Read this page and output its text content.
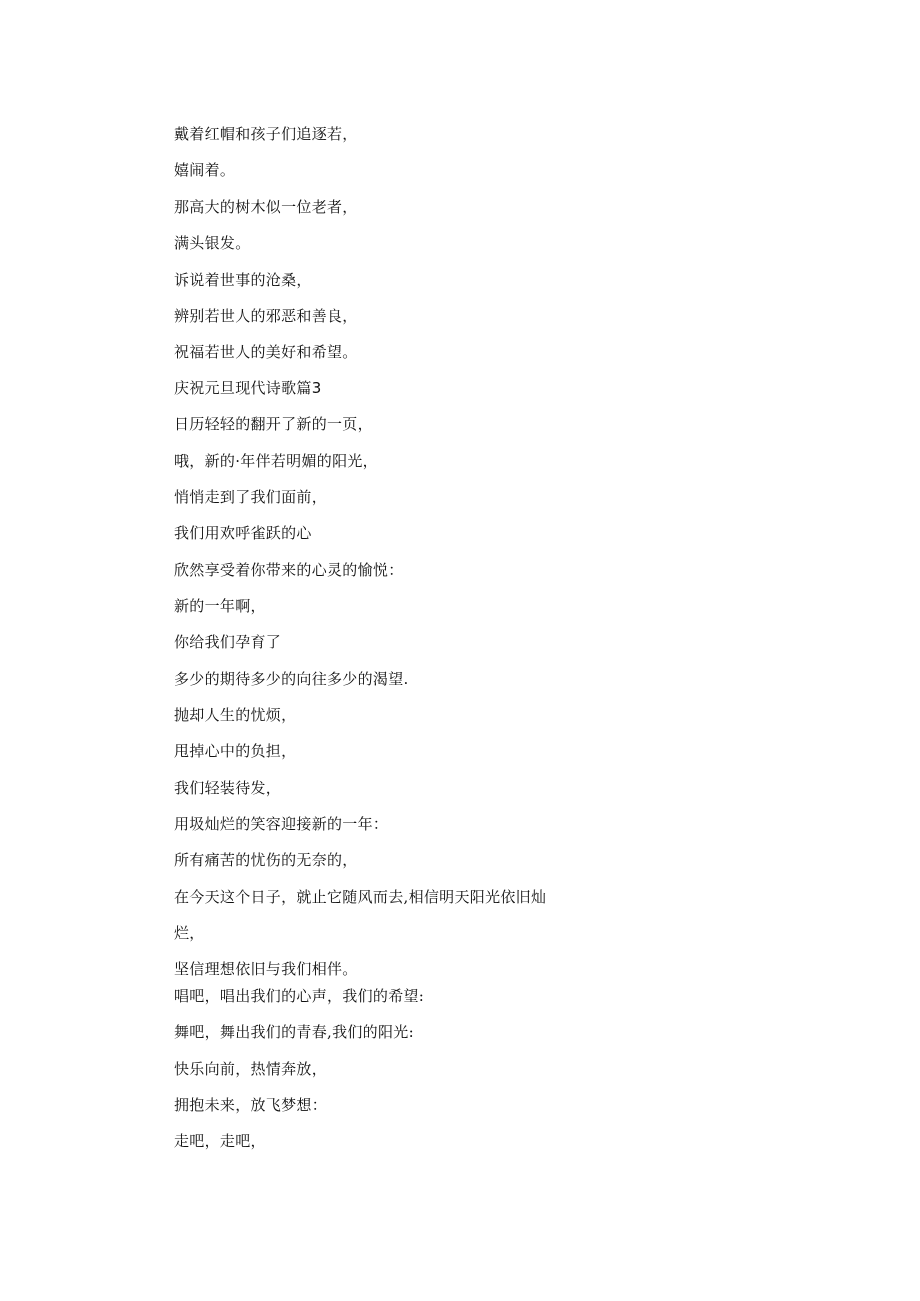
戴着红帽和孩子们追逐若，
嬉闹着。
那高大的树木似一位老者，
满头银发。
诉说着世事的沧桑，
辨别若世人的邪恶和善良，
祝福若世人的美好和希望。
庆祝元旦现代诗歌篇3
日历轻轻的翻开了新的一页，
哦，新的·年伴若明媚的阳光，
悄悄走到了我们面前，
我们用欢呼雀跃的心
欣然享受着你带来的心灵的愉悦：
新的一年啊，
你给我们孕育了
多少的期待多少的向往多少的渴望.
抛却人生的忧烦，
甩掉心中的负担，
我们轻装待发，
用圾灿烂的笑容迎接新的一年：
所有痛苦的忧伤的无奈的，
在今天这个日子，就止它随风而去,相信明天阳光依旧灿
烂，
坚信理想依旧与我们相伴。
唱吧，唱出我们的心声，我们的希望:
舞吧，舞出我们的青春,我们的阳光:
快乐向前，热情奔放，
拥抱未来，放飞梦想：
走吧，走吧，
